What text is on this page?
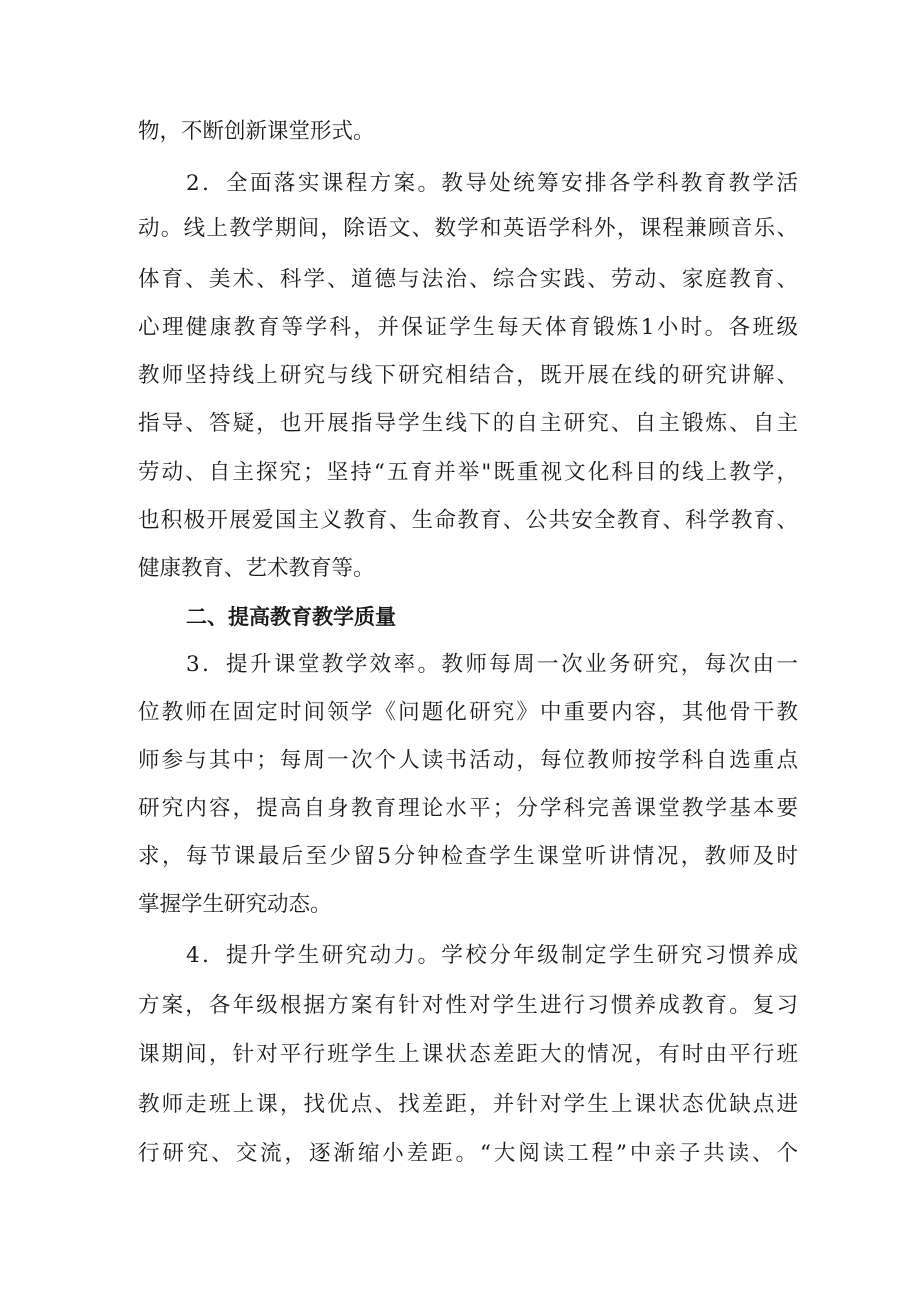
物，不断创新课堂形式。
2．全面落实课程方案。教导处统筹安排各学科教育教学活
动。线上教学期间，除语文、数学和英语学科外，课程兼顾音乐、
体育、美术、科学、道德与法治、综合实践、劳动、家庭教育、
心理健康教育等学科，并保证学生每天体育锻炼1小时。各班级
教师坚持线上研究与线下研究相结合，既开展在线的研究讲解、
指导、答疑，也开展指导学生线下的自主研究、自主锻炼、自主
劳动、自主探究；坚持“五育并举"既重视文化科目的线上教学，
也积极开展爱国主义教育、生命教育、公共安全教育、科学教育、
健康教育、艺术教育等。
二、提高教育教学质量
3．提升课堂教学效率。教师每周一次业务研究，每次由一
位教师在固定时间领学《问题化研究》中重要内容，其他骨干教
师参与其中；每周一次个人读书活动，每位教师按学科自选重点
研究内容，提高自身教育理论水平；分学科完善课堂教学基本要
求，每节课最后至少留5分钟检查学生课堂听讲情况，教师及时
掌握学生研究动态。
4．提升学生研究动力。学校分年级制定学生研究习惯养成
方案，各年级根据方案有针对性对学生进行习惯养成教育。复习
课期间，针对平行班学生上课状态差距大的情况，有时由平行班
教师走班上课，找优点、找差距，并针对学生上课状态优缺点进
行研究、交流，逐渐缩小差距。“大阅读工程”中亲子共读、个
